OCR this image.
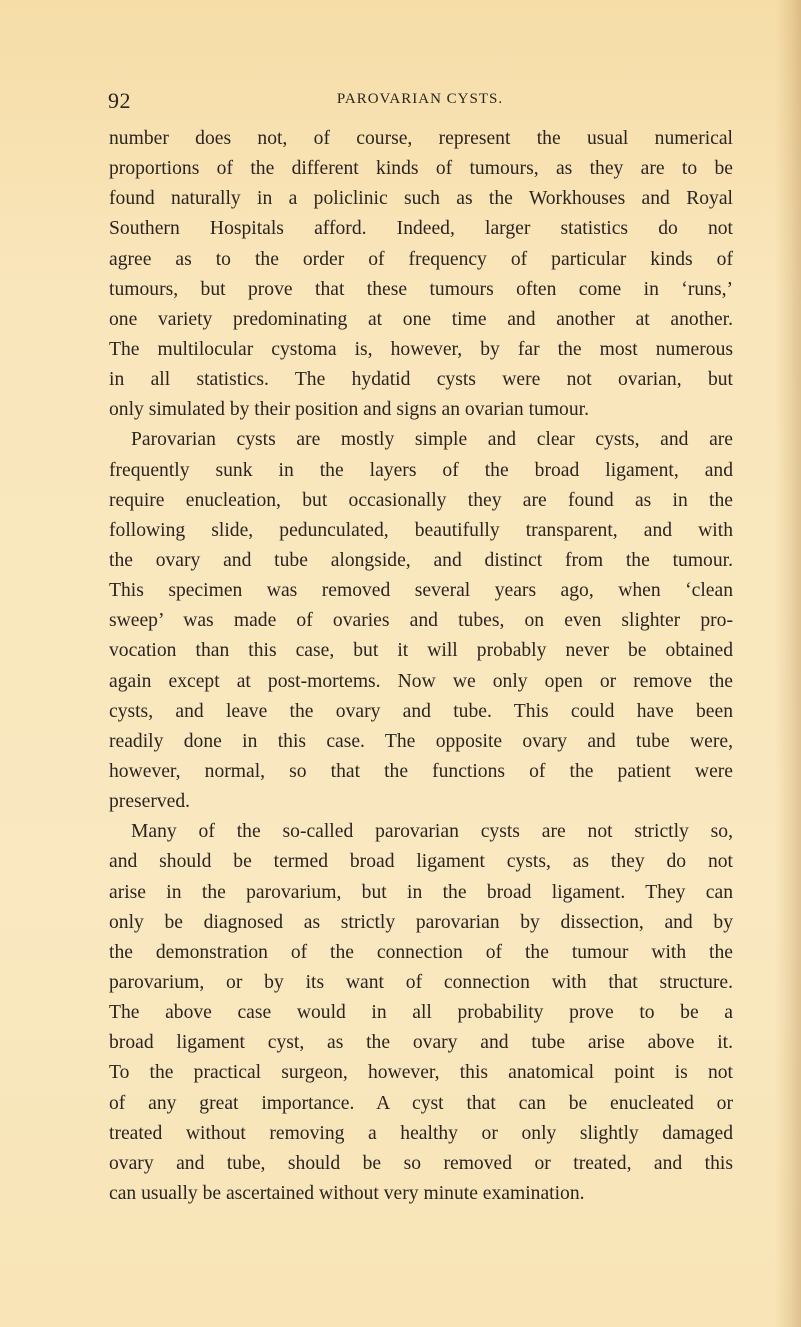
92	PAROVARIAN CYSTS.
number does not, of course, represent the usual numerical
proportions of the different kinds of tumours, as they are to be
found naturally in a policlinic such as the Workhouses and Royal
Southern Hospitals afford. Indeed, larger statistics do not
agree as to the order of frequency of particular kinds of
tumours, but prove that these tumours often come in ‘runs,’
one variety predominating at one time and another at another.
The multilocular cystoma is, however, by far the most numerous
in all statistics. The hydatid cysts were not ovarian, but
only simulated by their position and signs an ovarian tumour.
Parovarian cysts are mostly simple and clear cysts, and are
frequently sunk in the layers of the broad ligament, and
require enucleation, but occasionally they are found as in the
following slide, pedunculated, beautifully transparent, and with
the ovary and tube alongside, and distinct from the tumour.
This specimen was removed several years ago, when ‘clean
sweep’ was made of ovaries and tubes, on even slighter pro-
vocation than this case, but it will probably never be obtained
again except at post-mortems. Now we only open or remove the
cysts, and leave the ovary and tube. This could have been
readily done in this case. The opposite ovary and tube were,
however, normal, so that the functions of the patient were
preserved.
Many of the so-called parovarian cysts are not strictly so,
and should be termed broad ligament cysts, as they do not
arise in the parovarium, but in the broad ligament. They can
only be diagnosed as strictly parovarian by dissection, and by
the demonstration of the connection of the tumour with the
parovarium, or by its want of connection with that structure.
The above case would in all probability prove to be a
broad ligament cyst, as the ovary and tube arise above it.
To the practical surgeon, however, this anatomical point is not
of any great importance. A cyst that can be enucleated or
treated without removing a healthy or only slightly damaged
ovary and tube, should be so removed or treated, and this
can usually be ascertained without very minute examination.
